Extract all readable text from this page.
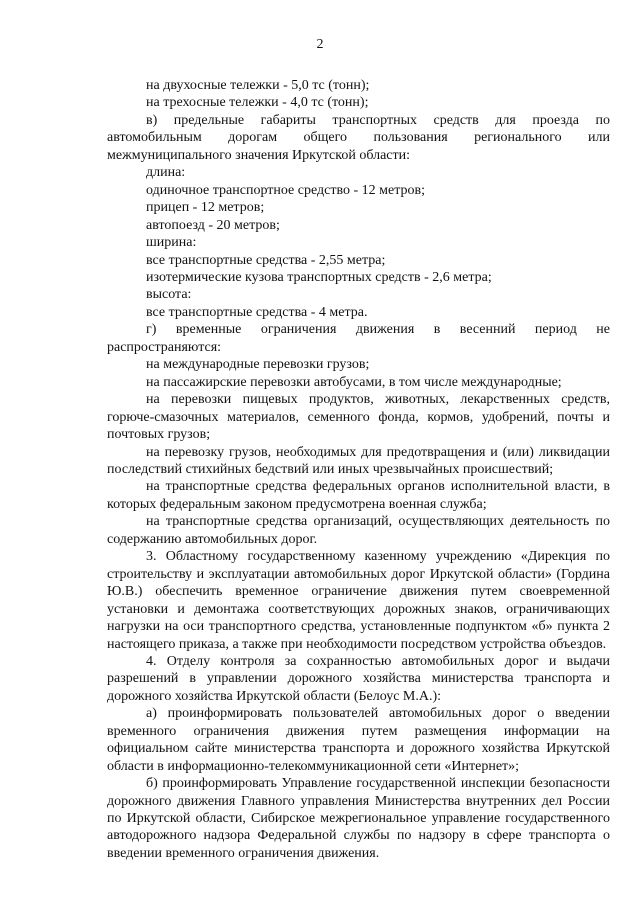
2

на двухосные тележки - 5,0 тс (тонн);

на трехосные тележки - 4,0 тс (тонн);

в) предельные габариты транспортных средств для проезда по автомобильным дорогам общего пользования регионального или межмуниципального значения Иркутской области:

длина:

одиночное транспортное средство - 12 метров;

прицеп - 12 метров;

автопоезд - 20 метров;

ширина:

все транспортные средства - 2,55 метра;

изотермические кузова транспортных средств - 2,6 метра;

высота:

все транспортные средства - 4 метра.

г) временные ограничения движения в весенний период не распространяются:

на международные перевозки грузов;

на пассажирские перевозки автобусами, в том числе международные;

на перевозки пищевых продуктов, животных, лекарственных средств, горюче-смазочных материалов, семенного фонда, кормов, удобрений, почты и почтовых грузов;

на перевозку грузов, необходимых для предотвращения и (или) ликвидации последствий стихийных бедствий или иных чрезвычайных происшествий;

на транспортные средства федеральных органов исполнительной власти, в которых федеральным законом предусмотрена военная служба;

на транспортные средства организаций, осуществляющих деятельность по содержанию автомобильных дорог.

3. Областному государственному казенному учреждению «Дирекция по строительству и эксплуатации автомобильных дорог Иркутской области» (Гордина Ю.В.) обеспечить временное ограничение движения путем своевременной установки и демонтажа соответствующих дорожных знаков, ограничивающих нагрузки на оси транспортного средства, установленные подпунктом «б» пункта 2 настоящего приказа, а также при необходимости посредством устройства объездов.

4. Отделу контроля за сохранностью автомобильных дорог и выдачи разрешений в управлении дорожного хозяйства министерства транспорта и дорожного хозяйства Иркутской области (Белоус М.А.):

а) проинформировать пользователей автомобильных дорог о введении временного ограничения движения путем размещения информации на официальном сайте министерства транспорта и дорожного хозяйства Иркутской области в информационно-телекоммуникационной сети «Интернет»;

б) проинформировать Управление государственной инспекции безопасности дорожного движения Главного управления Министерства внутренних дел России по Иркутской области, Сибирское межрегиональное управление государственного автодорожного надзора Федеральной службы по надзору в сфере транспорта о введении временного ограничения движения.
